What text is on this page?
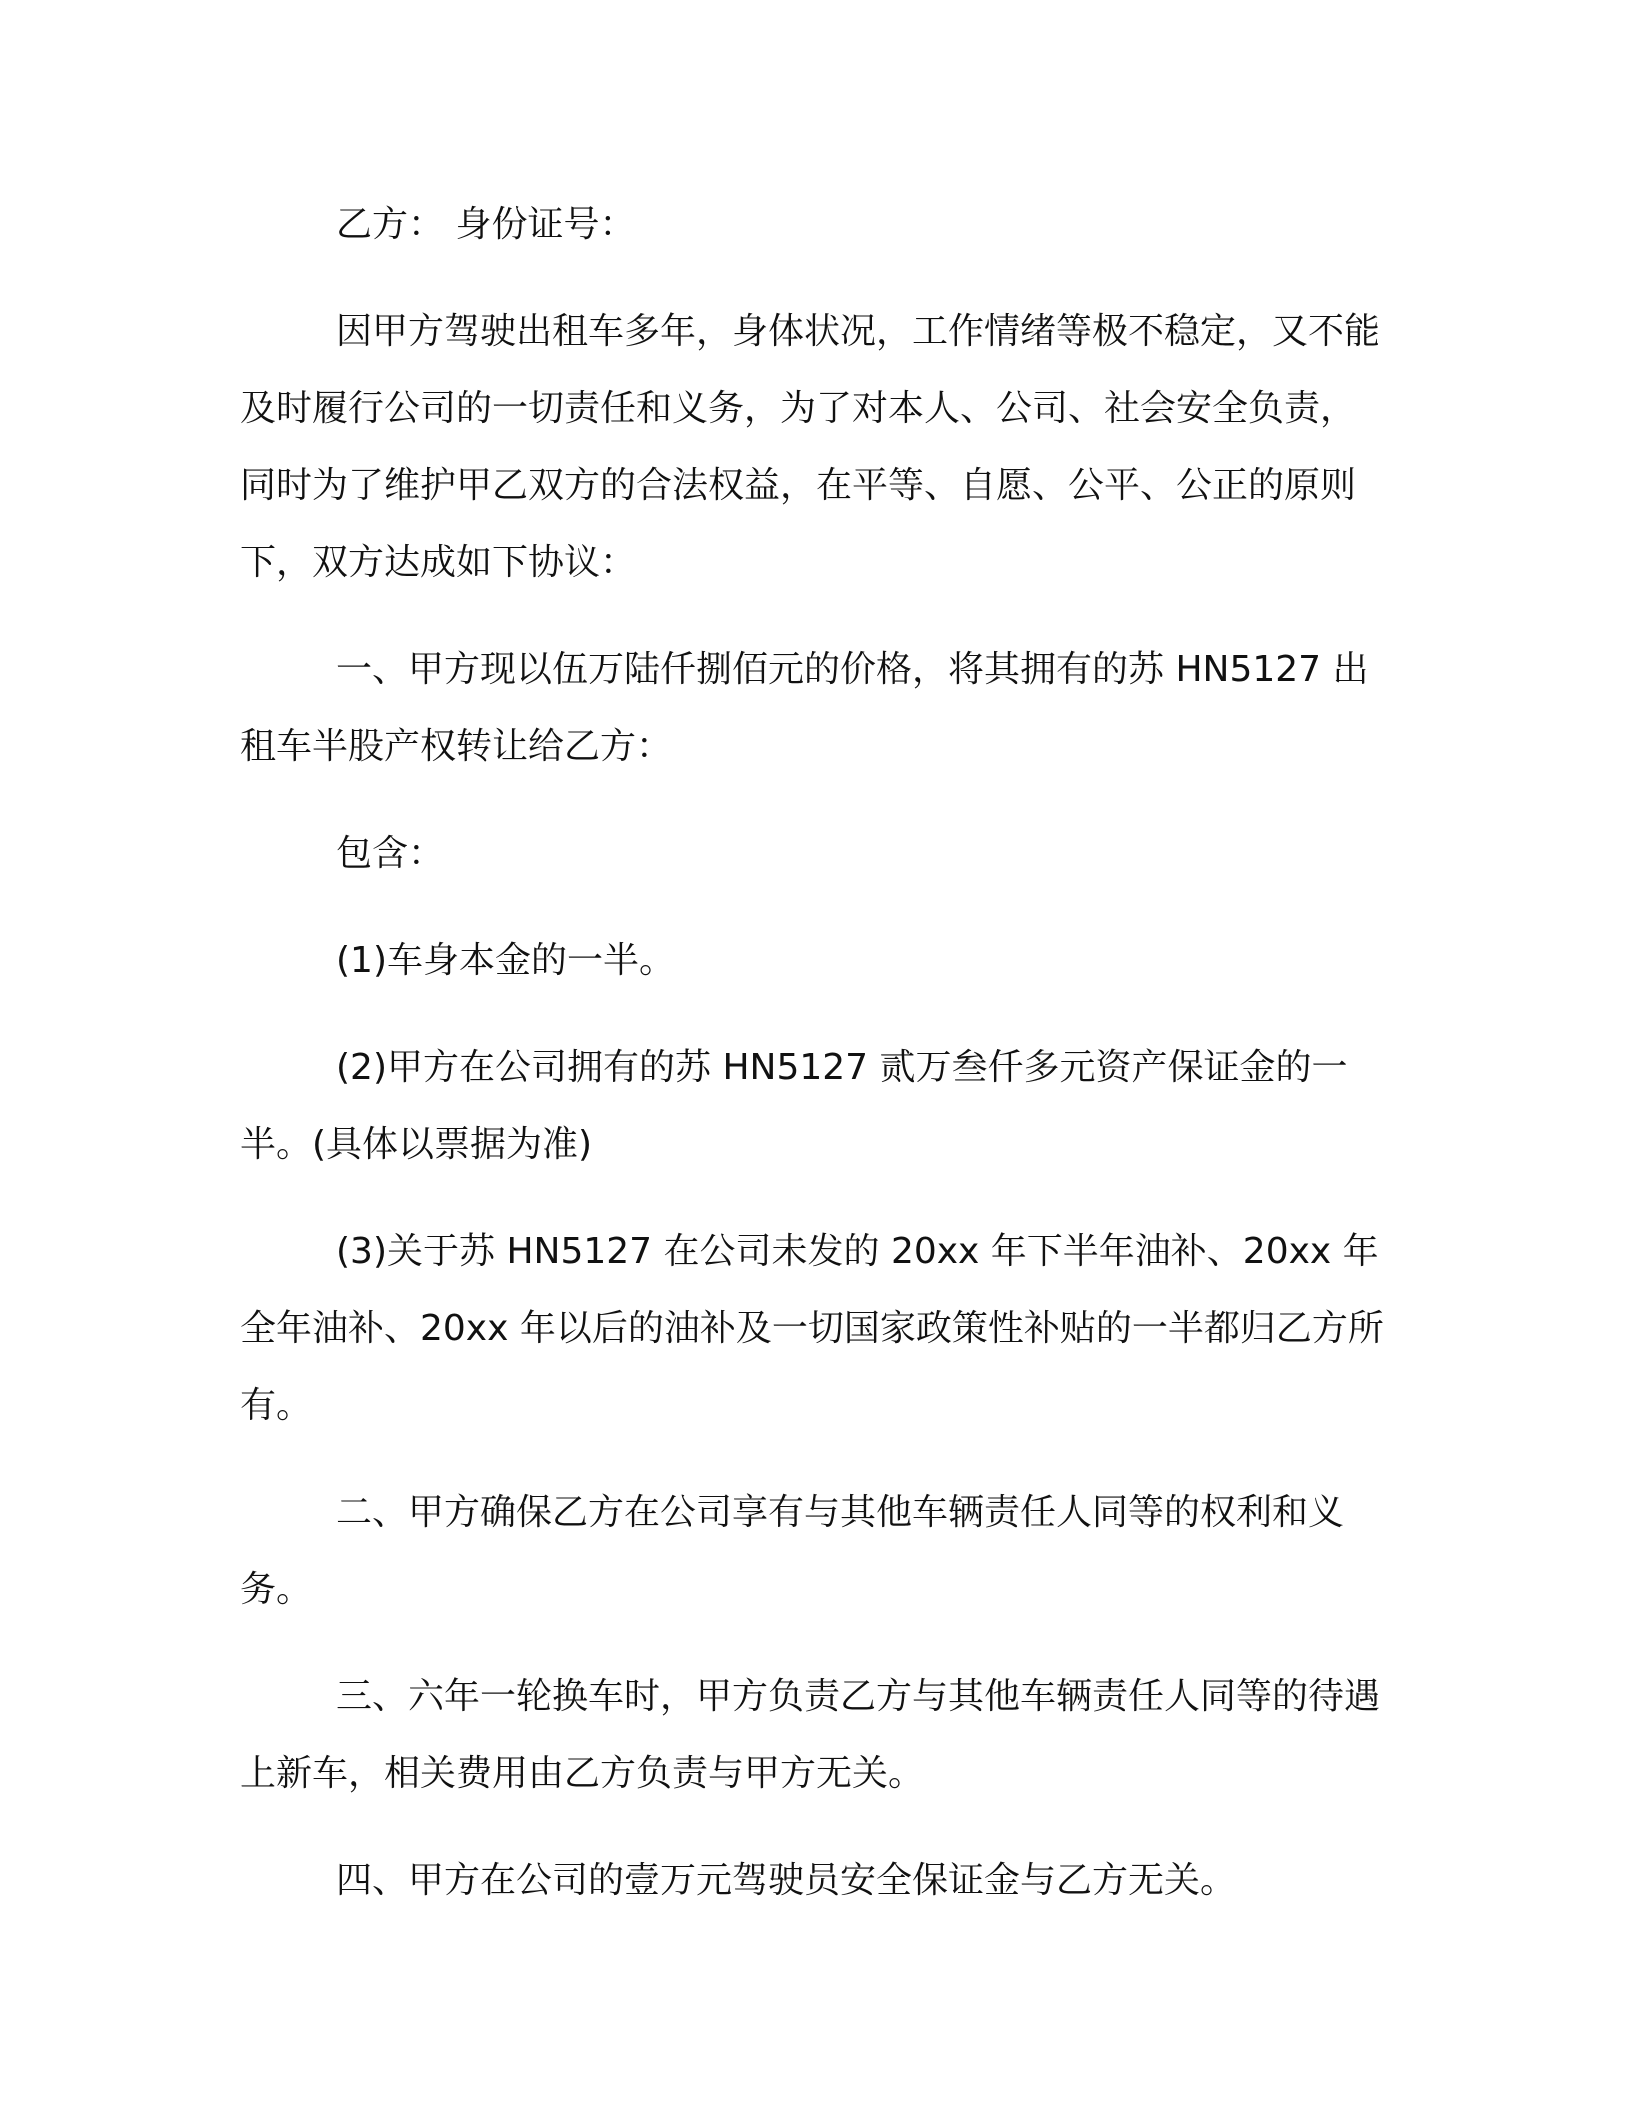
乙方： 身份证号：

因甲方驾驶出租车多年，身体状况，工作情绪等极不稳定，又不能及时履行公司的一切责任和义务，为了对本人、公司、社会安全负责，同时为了维护甲乙双方的合法权益，在平等、自愿、公平、公正的原则下，双方达成如下协议：

一、甲方现以伍万陆仟捌佰元的价格，将其拥有的苏 HN5127 出租车半股产权转让给乙方：

包含：

(1)车身本金的一半。

(2)甲方在公司拥有的苏 HN5127 贰万叁仟多元资产保证金的一半。(具体以票据为准)

(3)关于苏 HN5127 在公司未发的 20xx 年下半年油补、20xx 年全年油补、20xx 年以后的油补及一切国家政策性补贴的一半都归乙方所有。

二、甲方确保乙方在公司享有与其他车辆责任人同等的权利和义务。

三、六年一轮换车时，甲方负责乙方与其他车辆责任人同等的待遇上新车，相关费用由乙方负责与甲方无关。

四、甲方在公司的壹万元驾驶员安全保证金与乙方无关。
